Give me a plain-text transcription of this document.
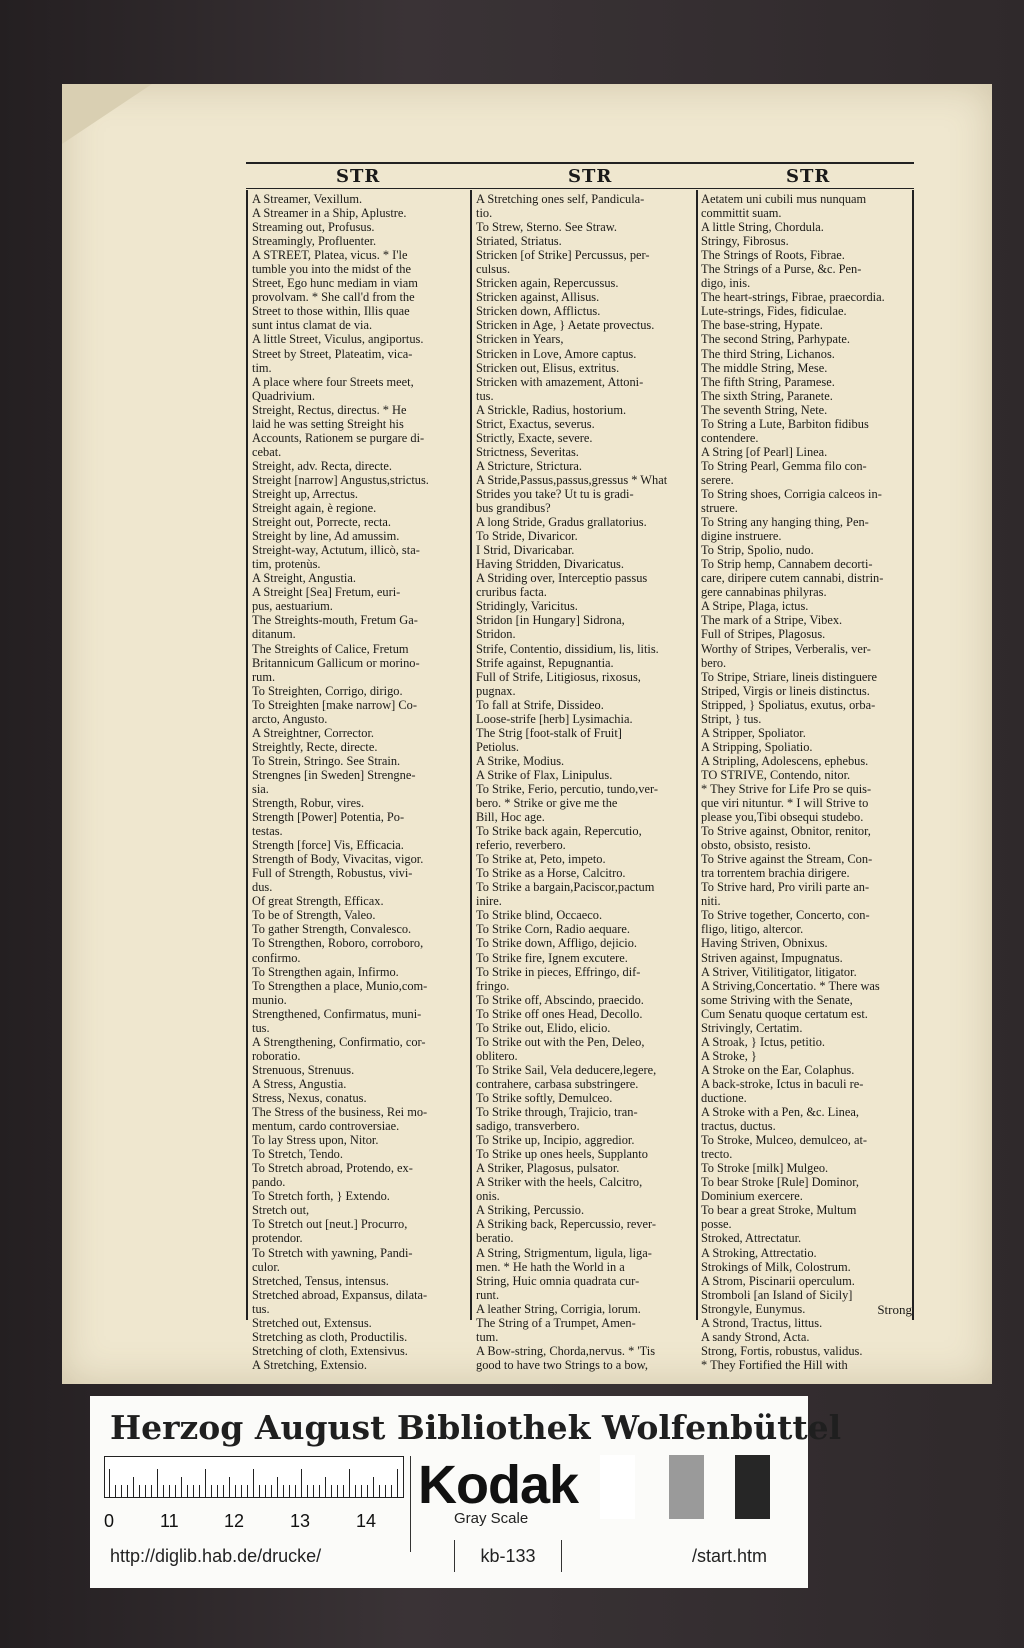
STR	STR	STR
A Streamer, Vexillum.
A Streamer in a Ship, Aplustre.
Streaming out, Profusus.
Streamingly, Profluenter.
A STREET, Platea, vicus. * I'le
tumble you into the midst of the
Street, Ego hunc mediam in viam
provolvam. * She call'd from the
Street to those within, Illis quae
sunt intus clamat de via.
A little Street, Viculus, angiportus.
Street by Street, Plateatim, vica-
tim.
A place where four Streets meet,
Quadrivium.
Streight, Rectus, directus. * He
laid he was setting Streight his
Accounts, Rationem se purgare di-
cebat.
Streight, adv. Recta, directe.
Streight [narrow] Angustus,strictus.
Streight up, Arrectus.
Streight again, è regione.
Streight out, Porrecte, recta.
Streight by line, Ad amussim.
Streight-way, Actutum, illicò, sta-
tim, protenùs.
A Streight, Angustia.
A Streight [Sea] Fretum, euri-
pus, aestuarium.
The Streights-mouth, Fretum Ga-
ditanum.
The Streights of Calice, Fretum
Britannicum Gallicum or morino-
rum.
To Streighten, Corrigo, dirigo.
To Streighten [make narrow] Co-
arcto, Angusto.
A Streightner, Corrector.
Streightly, Recte, directe.
To Strein, Stringo. See Strain.
Strengnes [in Sweden] Strengne-
sia.
Strength, Robur, vires.
Strength [Power] Potentia, Po-
testas.
Strength [force] Vis, Efficacia.
Strength of Body, Vivacitas, vigor.
Full of Strength, Robustus, vivi-
dus.
Of great Strength, Efficax.
To be of Strength, Valeo.
To gather Strength, Convalesco.
To Strengthen, Roboro, corroboro,
confirmo.
To Strengthen again, Infirmo.
To Strengthen a place, Munio,com-
munio.
Strengthened, Confirmatus, muni-
tus.
A Strengthening, Confirmatio, cor-
roboratio.
Strenuous, Strenuus.
A Stress, Angustia.
Stress, Nexus, conatus.
The Stress of the business, Rei mo-
mentum, cardo controversiae.
To lay Stress upon, Nitor.
To Stretch, Tendo.
To Stretch abroad, Protendo, ex-
pando.
To Stretch forth, } Extendo.
Stretch out,
To Stretch out [neut.] Procurro,
protendor.
To Stretch with yawning, Pandi-
culor.
Stretched, Tensus, intensus.
Stretched abroad, Expansus, dilata-
tus.
Stretched out, Extensus.
Stretching as cloth, Productilis.
Stretching of cloth, Extensivus.
A Stretching, Extensio.
A Stretching ones self, Pandicula-
tio.
To Strew, Sterno. See Straw.
Striated, Striatus.
Stricken [of Strike] Percussus, per-
culsus.
Stricken again, Repercussus.
Stricken against, Allisus.
Stricken down, Afflictus.
Stricken in Age, } Aetate provectus.
Stricken in Years,
Stricken in Love, Amore captus.
Stricken out, Elisus, extritus.
Stricken with amazement, Attoni-
tus.
A Strickle, Radius, hostorium.
Strict, Exactus, severus.
Strictly, Exacte, severe.
Strictness, Severitas.
A Stricture, Strictura.
A Stride,Passus,passus,gressus * What
Strides you take? Ut tu is gradi-
bus grandibus?
A long Stride, Gradus grallatorius.
To Stride, Divaricor.
I Strid, Divaricabar.
Having Stridden, Divaricatus.
A Striding over, Interceptio passus
cruribus facta.
Stridingly, Varicitus.
Stridon [in Hungary] Sidrona,
Stridon.
Strife, Contentio, dissidium, lis, litis.
Strife against, Repugnantia.
Full of Strife, Litigiosus, rixosus,
pugnax.
To fall at Strife, Dissideo.
Loose-strife [herb] Lysimachia.
The Strig [foot-stalk of Fruit]
Petiolus.
A Strike, Modius.
A Strike of Flax, Linipulus.
To Strike, Ferio, percutio, tundo,ver-
bero. * Strike or give me the
Bill, Hoc age.
To Strike back again, Repercutio,
referio, reverbero.
To Strike at, Peto, impeto.
To Strike as a Horse, Calcitro.
To Strike a bargain,Paciscor,pactum
inire.
To Strike blind, Occaeco.
To Strike Corn, Radio aequare.
To Strike down, Affligo, dejicio.
To Strike fire, Ignem excutere.
To Strike in pieces, Effringo, dif-
fringo.
To Strike off, Abscindo, praecido.
To Strike off ones Head, Decollo.
To Strike out, Elido, elicio.
To Strike out with the Pen, Deleo,
oblitero.
To Strike Sail, Vela deducere,legere,
contrahere, carbasa substringere.
To Strike softly, Demulceo.
To Strike through, Trajicio, tran-
sadigo, transverbero.
To Strike up, Incipio, aggredior.
To Strike up ones heels, Supplanto
A Striker, Plagosus, pulsator.
A Striker with the heels, Calcitro,
onis.
A Striking, Percussio.
A Striking back, Repercussio, rever-
beratio.
A String, Strigmentum, ligula, liga-
men. * He hath the World in a
String, Huic omnia quadrata cur-
runt.
A leather String, Corrigia, lorum.
The String of a Trumpet, Amen-
tum.
A Bow-string, Chorda,nervus. * 'Tis
good to have two Strings to a bow,
Aetatem uni cubili mus nunquam
committit suam.
A little String, Chordula.
Stringy, Fibrosus.
The Strings of Roots, Fibrae.
The Strings of a Purse, &c. Pen-
digo, inis.
The heart-strings, Fibrae, praecordia.
Lute-strings, Fides, fidiculae.
The base-string, Hypate.
The second String, Parhypate.
The third String, Lichanos.
The middle String, Mese.
The fifth String, Paramese.
The sixth String, Paranete.
The seventh String, Nete.
To String a Lute, Barbiton fidibus
contendere.
A String [of Pearl] Linea.
To String Pearl, Gemma filo con-
serere.
To String shoes, Corrigia calceos in-
struere.
To String any hanging thing, Pen-
digine instruere.
To Strip, Spolio, nudo.
To Strip hemp, Cannabem decorti-
care, diripere cutem cannabi, distrin-
gere cannabinas philyras.
A Stripe, Plaga, ictus.
The mark of a Stripe, Vibex.
Full of Stripes, Plagosus.
Worthy of Stripes, Verberalis, ver-
bero.
To Stripe, Striare, lineis distinguere
Striped, Virgis or lineis distinctus.
Stripped, } Spoliatus, exutus, orba-
Stript, } tus.
A Stripper, Spoliator.
A Stripping, Spoliatio.
A Stripling, Adolescens, ephebus.
TO STRIVE, Contendo, nitor.
* They Strive for Life Pro se quis-
que viri nituntur. * I will Strive to
please you,Tibi obsequi studebo.
To Strive against, Obnitor, renitor,
obsto, obsisto, resisto.
To Strive against the Stream, Con-
tra torrentem brachia dirigere.
To Strive hard, Pro virili parte an-
niti.
To Strive together, Concerto, con-
fligo, litigo, altercor.
Having Striven, Obnixus.
Striven against, Impugnatus.
A Striver, Vitilitigator, litigator.
A Striving,Concertatio. * There was
some Striving with the Senate,
Cum Senatu quoque certatum est.
Strivingly, Certatim.
A Stroak, } Ictus, petitio.
A Stroke, }
A Stroke on the Ear, Colaphus.
A back-stroke, Ictus in baculi re-
ductione.
A Stroke with a Pen, &c. Linea,
tractus, ductus.
To Stroke, Mulceo, demulceo, at-
trecto.
To Stroke [milk] Mulgeo.
To bear Stroke [Rule] Dominor,
Dominium exercere.
To bear a great Stroke, Multum
posse.
Stroked, Attrectatur.
A Stroking, Attrectatio.
Strokings of Milk, Colostrum.
A Strom, Piscinarii operculum.
Stromboli [an Island of Sicily]
Strongyle, Eunymus.
A Strond, Tractus, littus.
A sandy Strond, Acta.
Strong, Fortis, robustus, validus.
* They Fortified the Hill with
Strong
Herzog August Bibliothek Wolfenbüttel
0	11	12	13	14
Kodak
Gray Scale
http://diglib.hab.de/drucke/	kb-133	/start.htm
